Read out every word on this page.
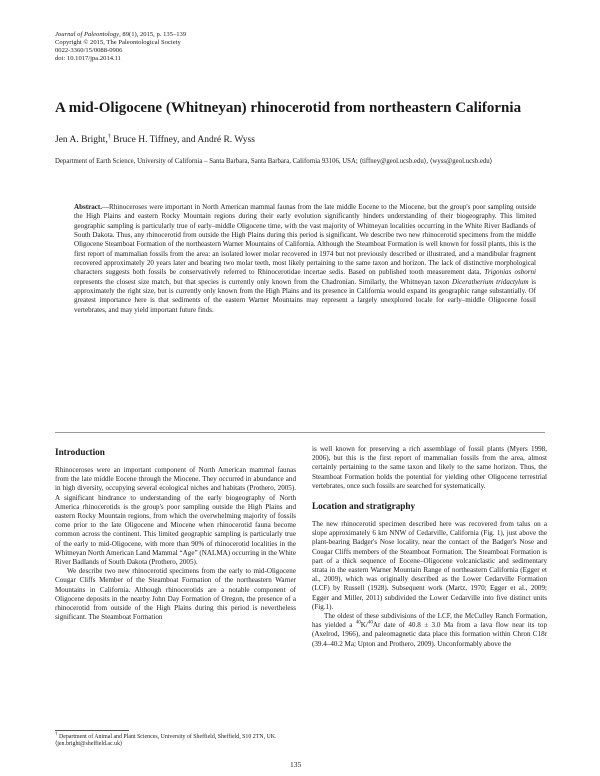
Journal of Paleontology, 89(1), 2015, p. 135–139
Copyright © 2015, The Paleontological Society
0022-3360/15/0088-0906
doi: 10.1017/jpa.2014.11
A mid-Oligocene (Whitneyan) rhinocerotid from northeastern California
Jen A. Bright,† Bruce H. Tiffney, and André R. Wyss
Department of Earth Science, University of California – Santa Barbara, Santa Barbara, California 93106, USA; ⟨tiffney@geol.ucsb.edu⟩, ⟨wyss@geol.ucsb.edu⟩
Abstract.—Rhinoceroses were important in North American mammal faunas from the late middle Eocene to the Miocene, but the group's poor sampling outside the High Plains and eastern Rocky Mountain regions during their early evolution significantly hinders understanding of their biogeography. This limited geographic sampling is particularly true of early–middle Oligocene time, with the vast majority of Whitneyan localities occurring in the White River Badlands of South Dakota. Thus, any rhinocerotid from outside the High Plains during this period is significant. We describe two new rhinocerotid specimens from the middle Oligocene Steamboat Formation of the northeastern Warner Mountains of California. Although the Steamboat Formation is well known for fossil plants, this is the first report of mammalian fossils from the area: an isolated lower molar recovered in 1974 but not previously described or illustrated, and a mandibular fragment recovered approximately 20 years later and bearing two molar teeth, most likely pertaining to the same taxon and horizon. The lack of distinctive morphological characters suggests both fossils be conservatively referred to Rhinocerotidae incertae sedis. Based on published tooth measurement data, Trigonias osborni represents the closest size match, but that species is currently only known from the Chadronian. Similarly, the Whitneyan taxon Diceratherium tridactylum is approximately the right size, but is currently only known from the High Plains and its presence in California would expand its geographic range substantially. Of greatest importance here is that sediments of the eastern Warner Mountains may represent a largely unexplored locale for early–middle Oligocene fossil vertebrates, and may yield important future finds.
Introduction

Rhinoceroses were an important component of North American mammal faunas from the late middle Eocene through the Miocene. They occurred in abundance and in high diversity, occupying several ecological niches and habitats (Prothero, 2005). A significant hindrance to understanding of the early biogeography of North America rhinocerotids is the group's poor sampling outside the High Plains and eastern Rocky Mountain regions, from which the overwhelming majority of fossils come prior to the late Oligocene and Miocene when rhinocerotid fauna become common across the continent. This limited geographic sampling is particularly true of the early to mid-Oligocene, with more than 90% of rhinocerotid localities in the Whitneyan North American Land Mammal “Age” (NALMA) occurring in the White River Badlands of South Dakota (Prothero, 2005).

We describe two new rhinocerotid specimens from the early to mid-Oligocene Cougar Cliffs Member of the Steamboat Formation of the northeastern Warner Mountains in California. Although rhinocerotids are a notable component of Oligocene deposits in the nearby John Day Formation of Oregon, the presence of a rhinocerotid from outside of the High Plains during this period is nevertheless significant. The Steamboat Formation

is well known for preserving a rich assemblage of fossil plants (Myers 1998, 2006), but this is the first report of mammalian fossils from the area, almost certainly pertaining to the same taxon and likely to the same horizon. Thus, the Steamboat Formation holds the potential for yielding other Oligocene terrestrial vertebrates, once such fossils are searched for systematically.

Location and stratigraphy

The new rhinocerotid specimen described here was recovered from talus on a slope approximately 6 km NNW of Cedarville, California (Fig. 1), just above the plant-bearing Badger's Nose locality, near the contact of the Badger's Nose and Cougar Cliffs members of the Steamboat Formation. The Steamboat Formation is part of a thick sequence of Eocene–Oligocene volcaniclastic and sedimentary strata in the eastern Warner Mountain Range of northeastern California (Egger et al., 2009), which was originally described as the Lower Cedarville Formation (LCF) by Russell (1928). Subsequent work (Martz, 1970; Egger et al., 2009; Egger and Miller, 2011) subdivided the Lower Cedarville into five distinct units (Fig.1).

The oldest of these subdivisions of the LCF, the McCulley Ranch Formation, has yielded a $^{40}$K/$^{40}$Ar date of 40.8 ± 3.0 Ma from a lava flow near its top (Axelrod, 1966), and paleomagnetic data place this formation within Chron C18r (39.4–40.2 Ma; Upton and Prothero, 2009). Unconformably above the

† Department of Animal and Plant Sciences, University of Sheffield, Sheffield, S10 2TN, UK. ⟨jen.bright@sheffield.ac.uk⟩
135
